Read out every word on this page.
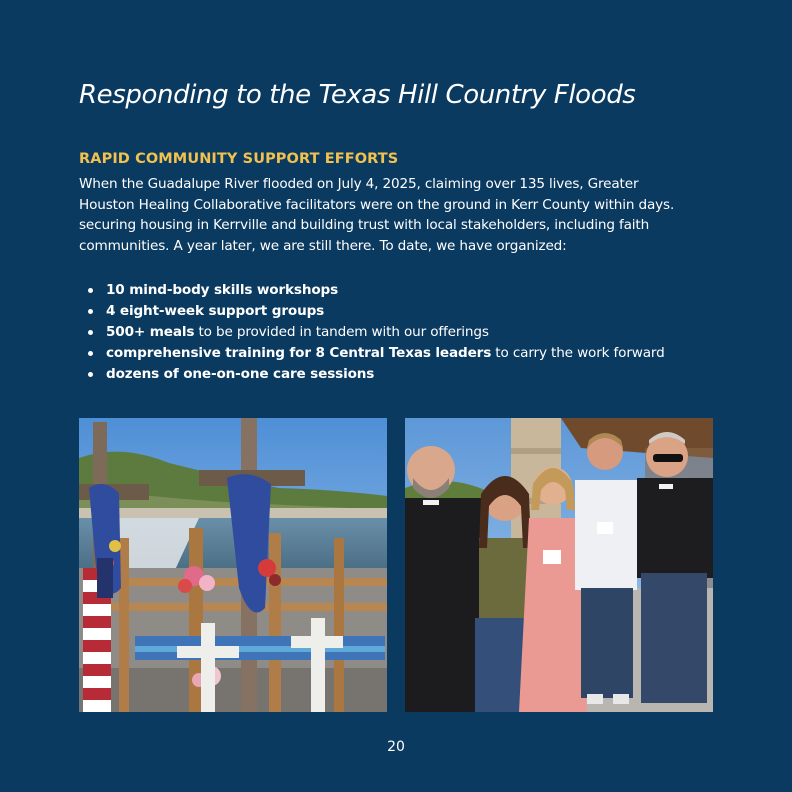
Responding to the Texas Hill Country Floods
RAPID COMMUNITY SUPPORT EFFORTS

When the Guadalupe River flooded on July 4, 2025, claiming over 135 lives, Greater
Houston Healing Collaborative facilitators were on the ground in Kerr County within days.
securing housing in Kerrville and building trust with local stakeholders, including faith
communities. A year later, we are still there. To date, we have organized:

10 mind-body skills workshops
4 eight-week support groups
500+ meals to be provided in tandem with our offerings
comprehensive training for 8 Central Texas leaders to carry the work forward
dozens of one-on-one care sessions

20
